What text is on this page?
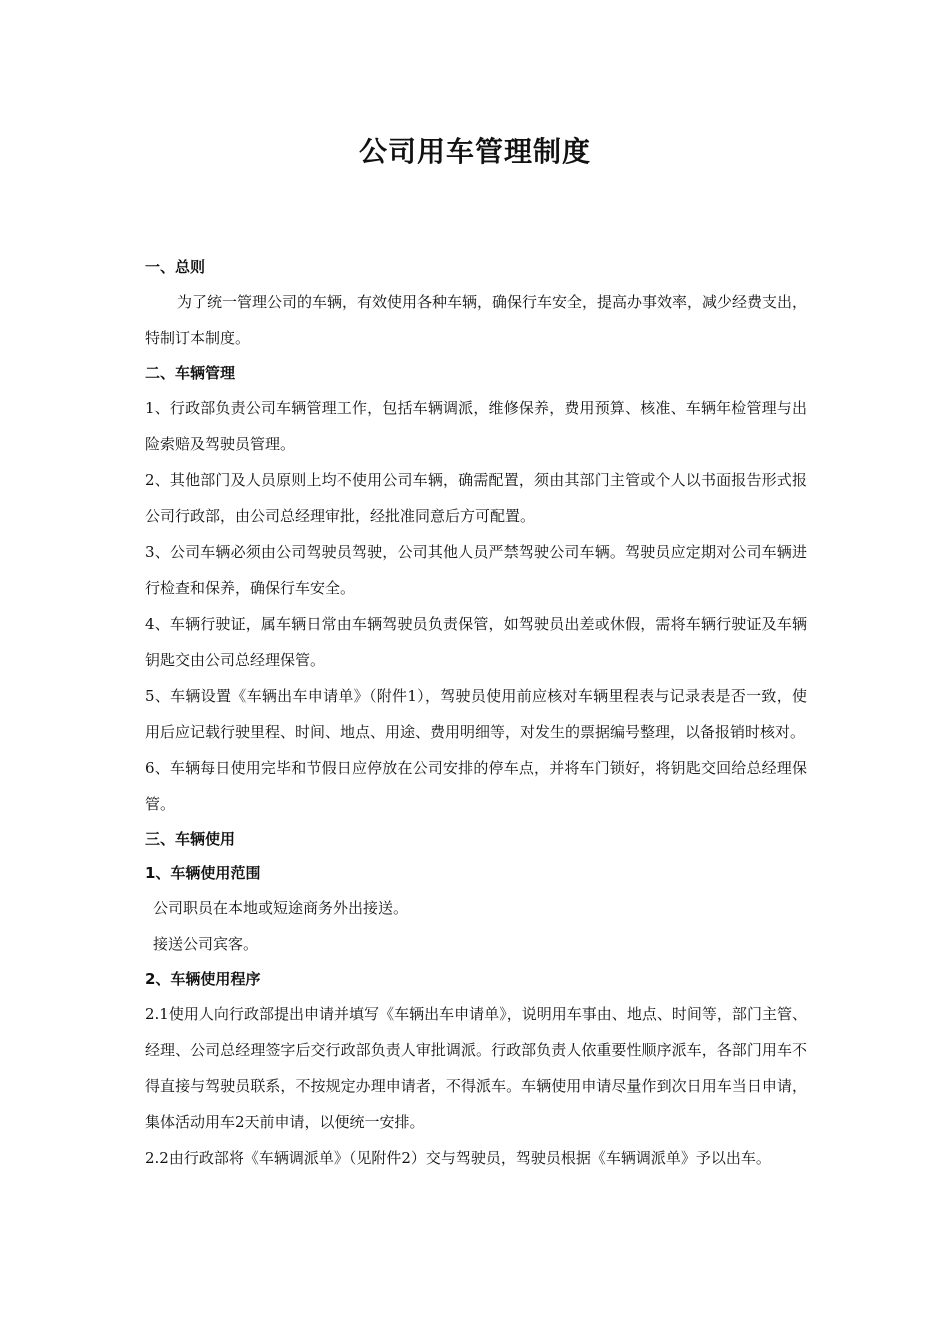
公司用车管理制度
一、总则
为了统一管理公司的车辆，有效使用各种车辆，确保行车安全，提高办事效率，减少经费支出，特制订本制度。
二、车辆管理
1、行政部负责公司车辆管理工作，包括车辆调派，维修保养，费用预算、核准、车辆年检管理与出险索赔及驾驶员管理。
2、其他部门及人员原则上均不使用公司车辆，确需配置，须由其部门主管或个人以书面报告形式报公司行政部，由公司总经理审批，经批准同意后方可配置。
3、公司车辆必须由公司驾驶员驾驶，公司其他人员严禁驾驶公司车辆。驾驶员应定期对公司车辆进行检查和保养，确保行车安全。
4、车辆行驶证，属车辆日常由车辆驾驶员负责保管，如驾驶员出差或休假，需将车辆行驶证及车辆钥匙交由公司总经理保管。
5、车辆设置《车辆出车申请单》（附件1），驾驶员使用前应核对车辆里程表与记录表是否一致，使用后应记载行驶里程、时间、地点、用途、费用明细等，对发生的票据编号整理，以备报销时核对。
6、车辆每日使用完毕和节假日应停放在公司安排的停车点，并将车门锁好，将钥匙交回给总经理保管。
三、车辆使用
1、车辆使用范围
公司职员在本地或短途商务外出接送。
接送公司宾客。
2、车辆使用程序
2.1使用人向行政部提出申请并填写《车辆出车申请单》，说明用车事由、地点、时间等，部门主管、经理、公司总经理签字后交行政部负责人审批调派。行政部负责人依重要性顺序派车，各部门用车不得直接与驾驶员联系，不按规定办理申请者，不得派车。车辆使用申请尽量作到次日用车当日申请，集体活动用车2天前申请，以便统一安排。
2.2由行政部将《车辆调派单》（见附件2）交与驾驶员，驾驶员根据《车辆调派单》予以出车。
